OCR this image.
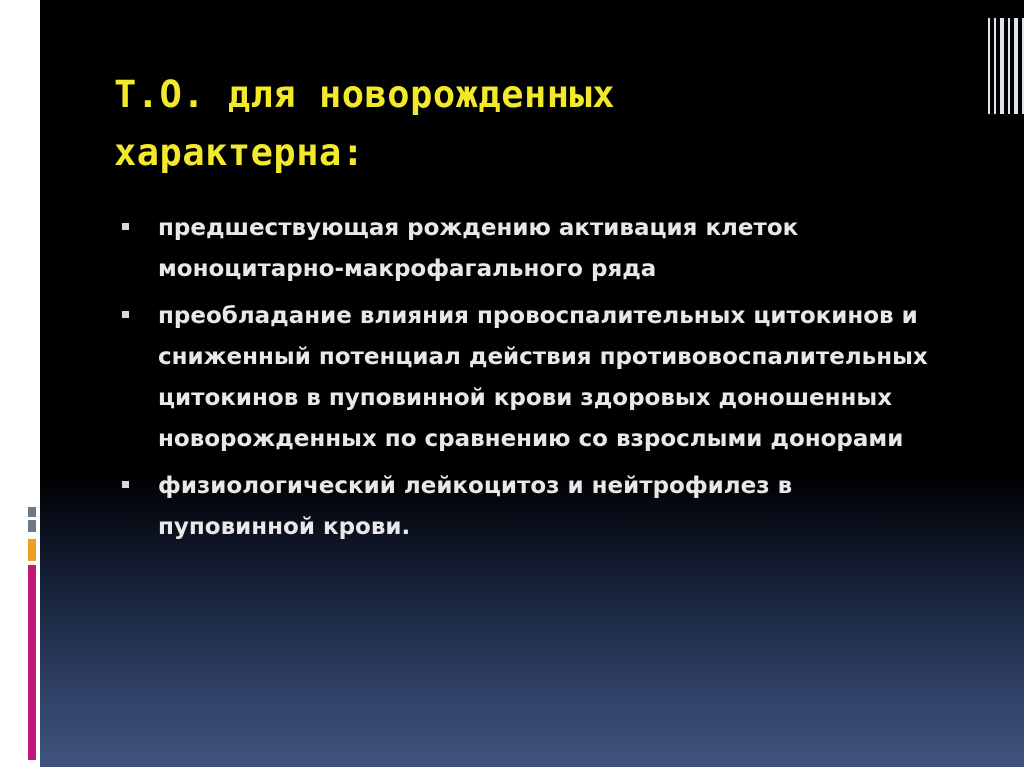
Т.О. для новорожденных
характерна:
предшествующая рождению активация клеток моноцитарно-макрофагального ряда
преобладание влияния провоспалительных цитокинов и сниженный потенциал действия противовоспалительных цитокинов в пуповинной крови здоровых доношенных новорожденных по сравнению со взрослыми донорами
физиологический лейкоцитоз и нейтрофилез в пуповинной крови.
